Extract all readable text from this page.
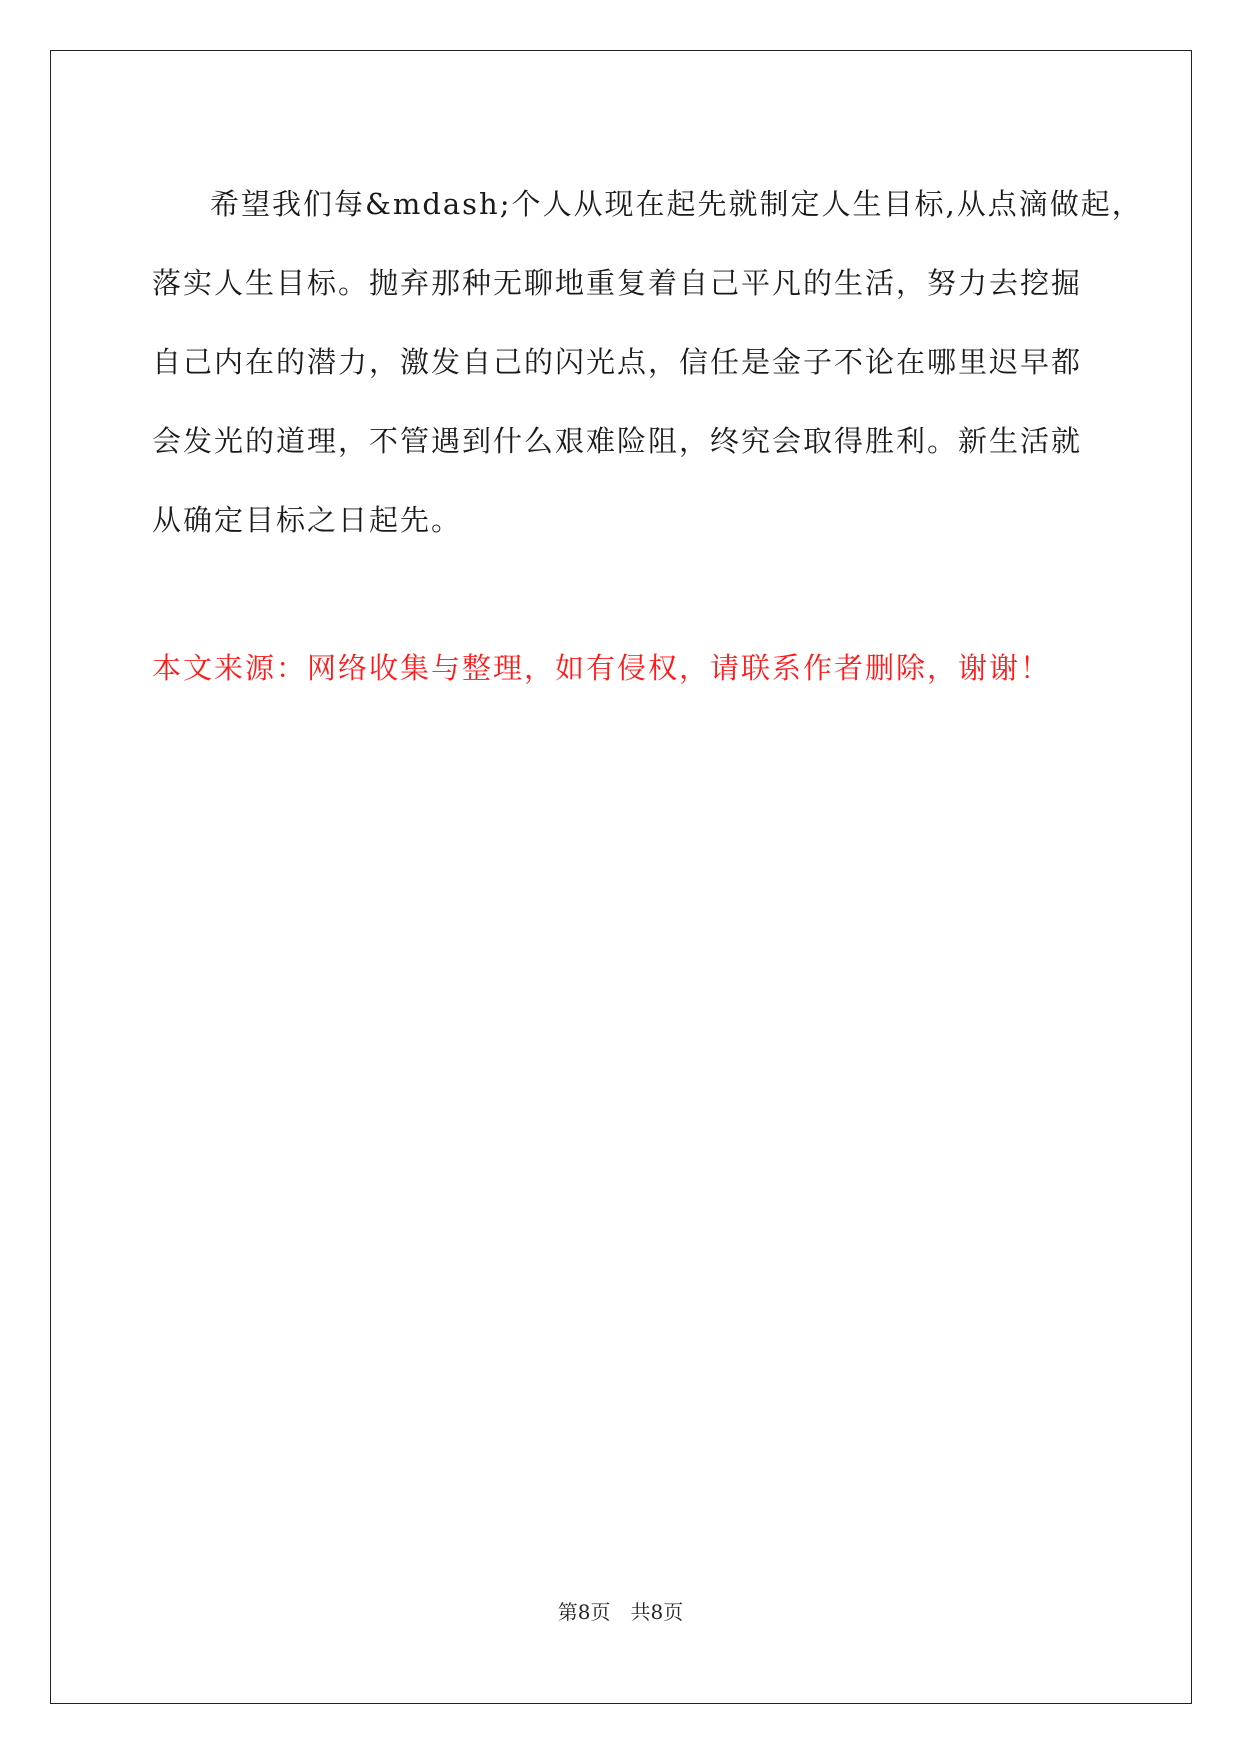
希望我们每&mdash;个人从现在起先就制定人生目标,从点滴做起，
落实人生目标。抛弃那种无聊地重复着自己平凡的生活，努力去挖掘
自己内在的潜力，激发自己的闪光点，信任是金子不论在哪里迟早都
会发光的道理，不管遇到什么艰难险阻，终究会取得胜利。新生活就
从确定目标之日起先。

本文来源：网络收集与整理，如有侵权，请联系作者删除，谢谢！

第8页 共8页
